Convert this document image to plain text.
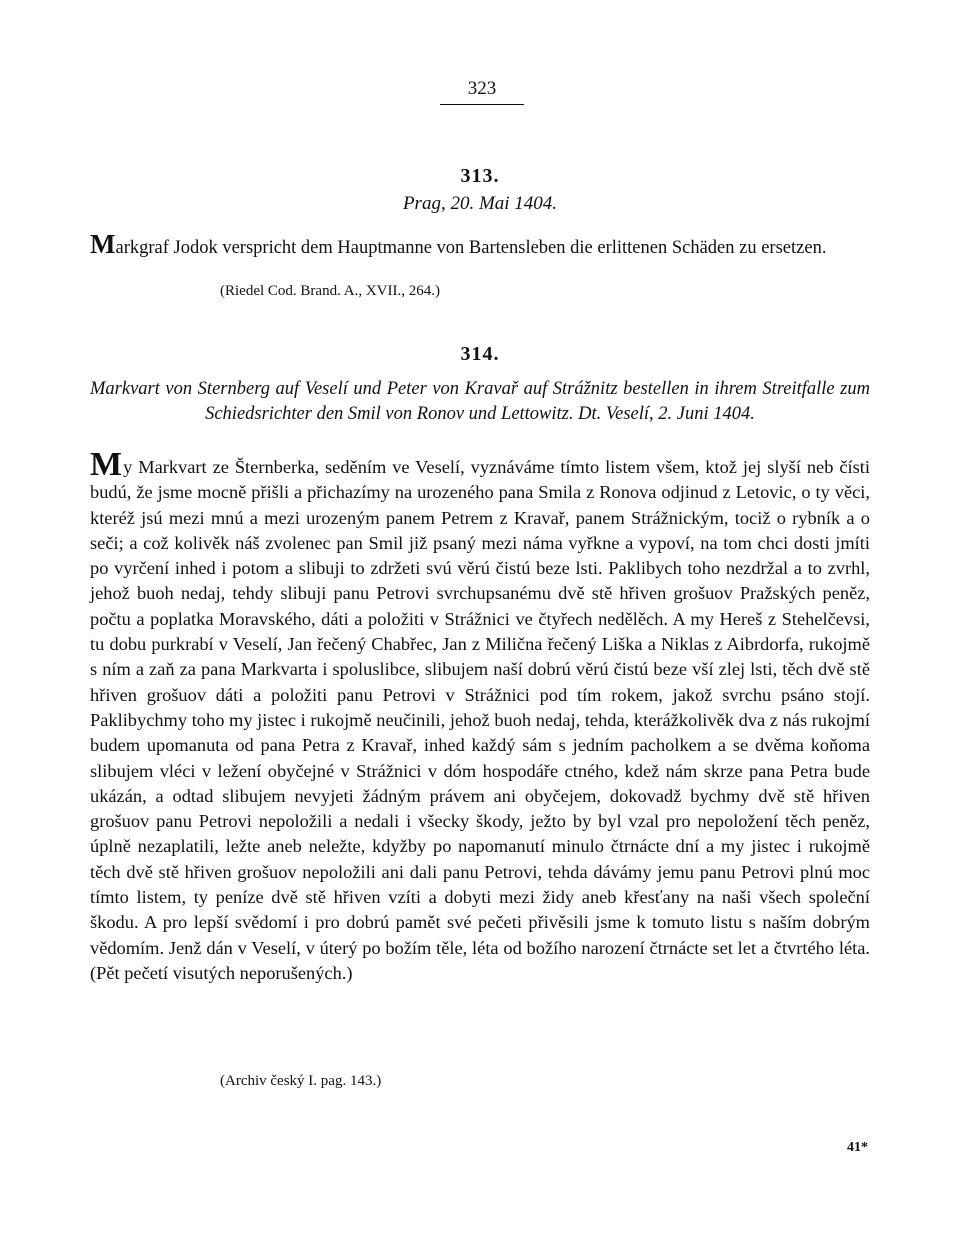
323
313.
Prag, 20. Mai 1404.
Markgraf Jodok verspricht dem Hauptmanne von Bartensleben die erlittenen Schäden zu ersetzen.
(Riedel Cod. Brand. A., XVII., 264.)
314.
Markvart von Sternberg auf Veselí und Peter von Kravař auf Strážnitz bestellen in ihrem Streitfalle zum Schiedsrichter den Smil von Ronov und Lettowitz. Dt. Veselí, 2. Juni 1404.
My Markvart ze Šternberka, seděním ve Veselí, vyznáváme tímto listem všem, ktož jej slyší neb čísti budú, že jsme mocně přišli a přichazímy na urozeného pana Smila z Ronova odjinud z Letovic, o ty věci, kteréž jsú mezi mnú a mezi urozeným panem Petrem z Kravař, panem Strážnickým, tociž o rybník a o seči; a což kolivěk náš zvolenec pan Smil již psaný mezi náma vyřkne a vypoví, na tom chci dosti jmíti po vyrčení inhed i potom a slibuji to zdržeti svú věrú čistú beze lsti. Paklibych toho nezdržal a to zvrhl, jehož buoh nedaj, tehdy slibuji panu Petrovi svrchupsanému dvě stě hřiven grošuov Pražských peněz, počtu a poplatka Moravského, dáti a položiti v Strážnici ve čtyřech nedělěch. A my Hereš z Stehelčevsi, tu dobu purkrabí v Veselí, Jan řečený Chabřec, Jan z Milična řečený Liška a Niklas z Aibrdorfa, rukojmě s ním a zaň za pana Markvarta i spoluslibce, slibujem naší dobrú věrú čistú beze vší zlej lsti, těch dvě stě hřiven grošuov dáti a položiti panu Petrovi v Strážnici pod tím rokem, jakož svrchu psáno stojí. Paklibychmy toho my jistec i rukojmě neučinili, jehož buoh nedaj, tehda, kterážkolivěk dva z nás rukojmí budem upomanuta od pana Petra z Kravař, inhed každý sám s jedním pacholkem a se dvěma koňoma slibujem vléci v ležení obyčejné v Strážnici v dóm hospodáře ctného, kdež nám skrze pana Petra bude ukázán, a odtad slibujem nevyjeti žádným právem ani obyčejem, dokovadž bychmy dvě stě hřiven grošuov panu Petrovi nepoložili a nedali i všecky škody, ježto by byl vzal pro nepoložení těch peněz, úplně nezaplatili, ležte aneb neležte, kdyžby po napomanutí minulo čtrnácte dní a my jistec i rukojmě těch dvě stě hřiven grošuov nepoložili ani dali panu Petrovi, tehda dávámy jemu panu Petrovi plnú moc tímto listem, ty peníze dvě stě hřiven vzíti a dobyti mezi židy aneb křesťany na naši všech společní škodu. A pro lepší svědomí i pro dobrú pamět své pečeti přivěsili jsme k tomuto listu s naším dobrým vědomím. Jenž dán v Veselí, v úterý po božím těle, léta od božího narození čtrnácte set let a čtvrtého léta. (Pět pečetí visutých neporušených.)
(Archiv český I. pag. 143.)
41*
